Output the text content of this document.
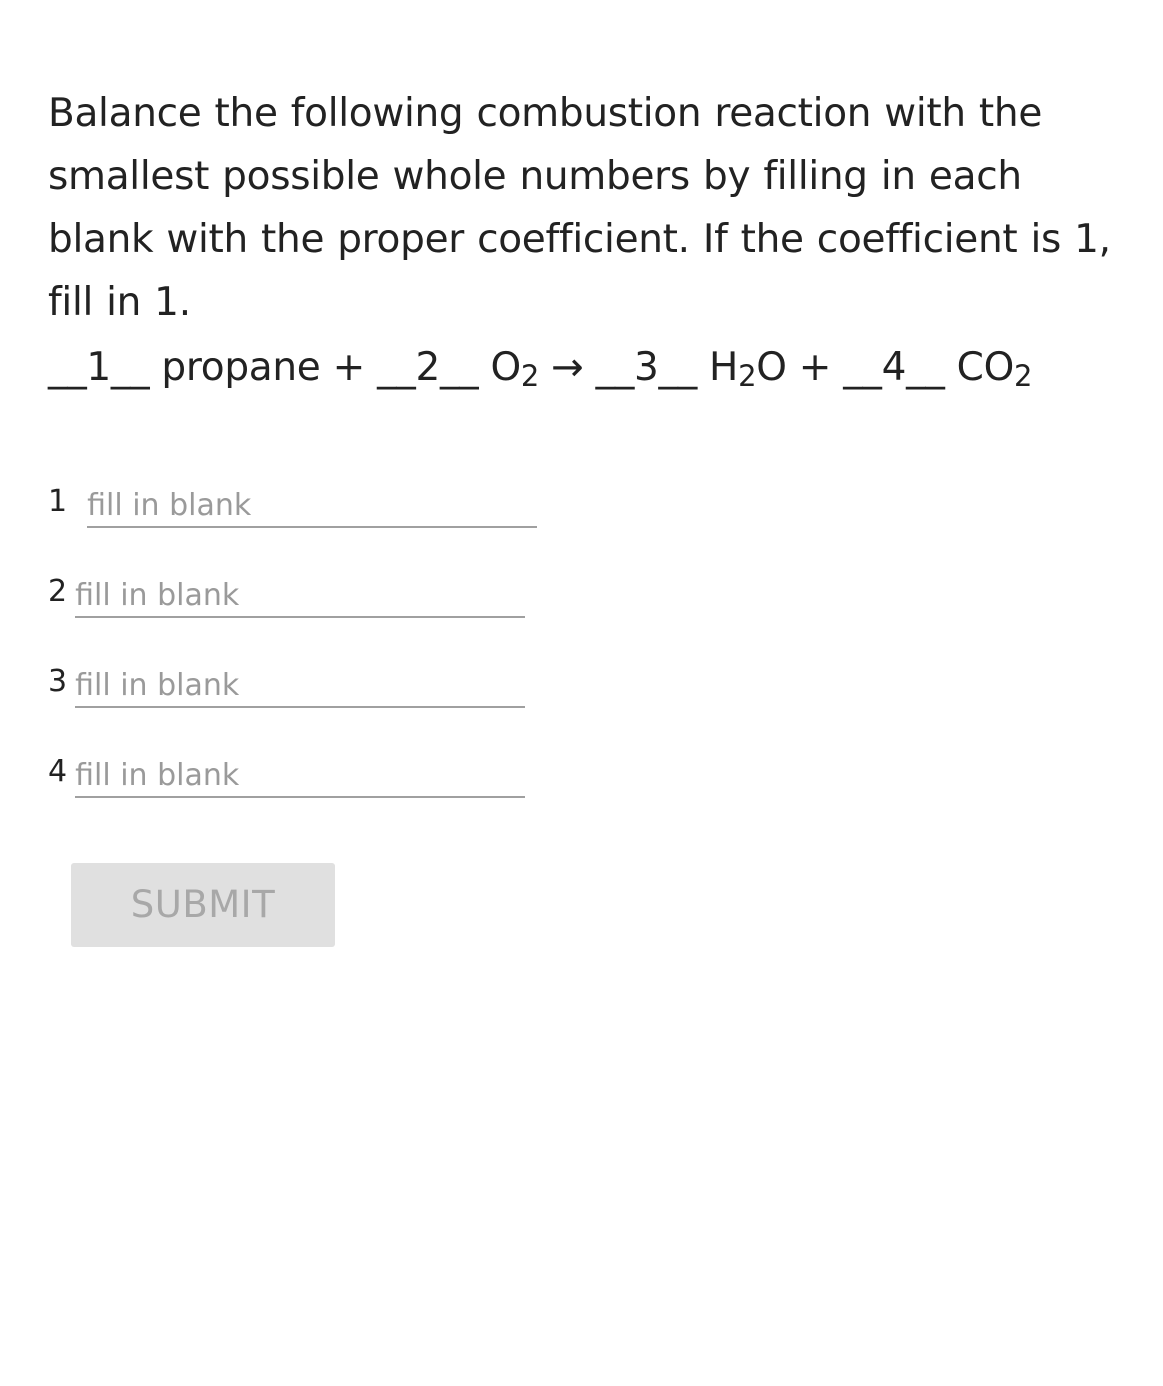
Balance the following combustion reaction with the smallest possible whole numbers by filling in each blank with the proper coefficient. If the coefficient is 1, fill in 1.

__1__ propane + __2__ $O_2$ → __3__ $H_2O$ + __4__ $CO_2$
1
fill in blank
2
fill in blank
3
fill in blank
4
fill in blank
SUBMIT
